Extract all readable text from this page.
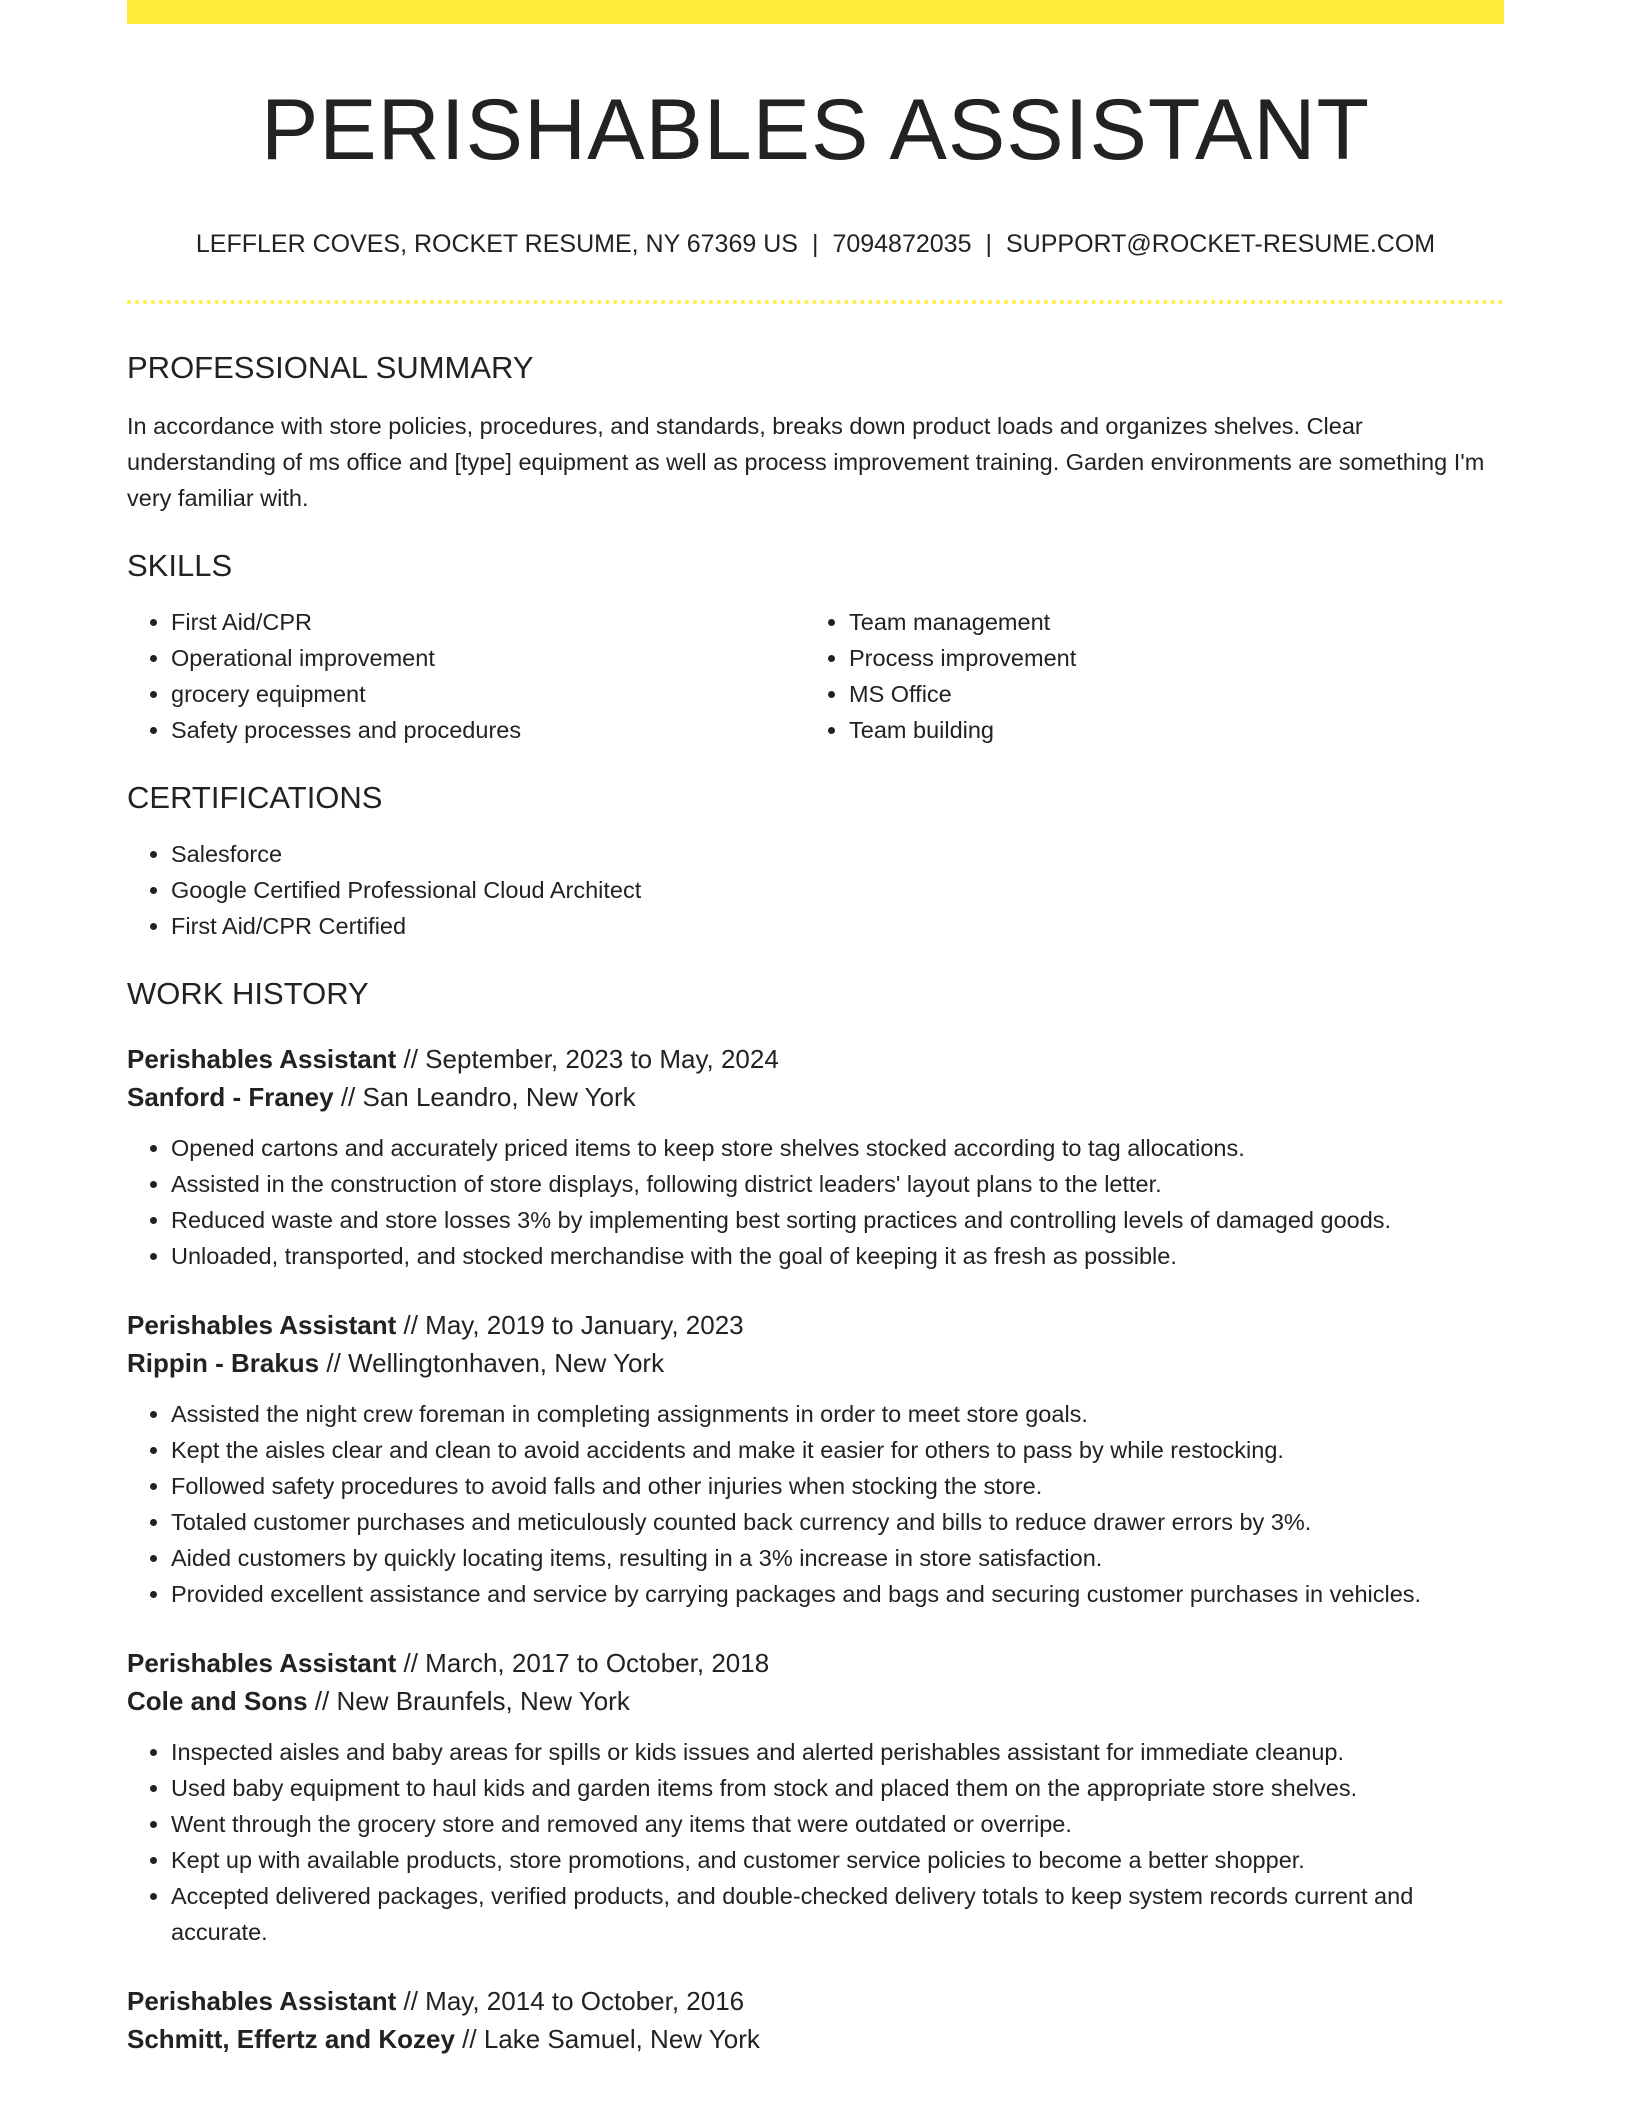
PERISHABLES ASSISTANT
LEFFLER COVES, ROCKET RESUME, NY 67369 US | 7094872035 | SUPPORT@ROCKET-RESUME.COM
PROFESSIONAL SUMMARY

In accordance with store policies, procedures, and standards, breaks down product loads and organizes shelves. Clear understanding of ms office and [type] equipment as well as process improvement training. Garden environments are something I'm very familiar with.

SKILLS
• First Aid/CPR
• Operational improvement
• grocery equipment
• Safety processes and procedures
• Team management
• Process improvement
• MS Office
• Team building
CERTIFICATIONS
• Salesforce
• Google Certified Professional Cloud Architect
• First Aid/CPR Certified
WORK HISTORY
Perishables Assistant // September, 2023 to May, 2024
Sanford - Franey // San Leandro, New York
• Opened cartons and accurately priced items to keep store shelves stocked according to tag allocations.
• Assisted in the construction of store displays, following district leaders' layout plans to the letter.
• Reduced waste and store losses 3% by implementing best sorting practices and controlling levels of damaged goods.
• Unloaded, transported, and stocked merchandise with the goal of keeping it as fresh as possible.
Perishables Assistant // May, 2019 to January, 2023
Rippin - Brakus // Wellingtonhaven, New York
• Assisted the night crew foreman in completing assignments in order to meet store goals.
• Kept the aisles clear and clean to avoid accidents and make it easier for others to pass by while restocking.
• Followed safety procedures to avoid falls and other injuries when stocking the store.
• Totaled customer purchases and meticulously counted back currency and bills to reduce drawer errors by 3%.
• Aided customers by quickly locating items, resulting in a 3% increase in store satisfaction.
• Provided excellent assistance and service by carrying packages and bags and securing customer purchases in vehicles.
Perishables Assistant // March, 2017 to October, 2018
Cole and Sons // New Braunfels, New York
• Inspected aisles and baby areas for spills or kids issues and alerted perishables assistant for immediate cleanup.
• Used baby equipment to haul kids and garden items from stock and placed them on the appropriate store shelves.
• Went through the grocery store and removed any items that were outdated or overripe.
• Kept up with available products, store promotions, and customer service policies to become a better shopper.
• Accepted delivered packages, verified products, and double-checked delivery totals to keep system records current and accurate.
Perishables Assistant // May, 2014 to October, 2016
Schmitt, Effertz and Kozey // Lake Samuel, New York
